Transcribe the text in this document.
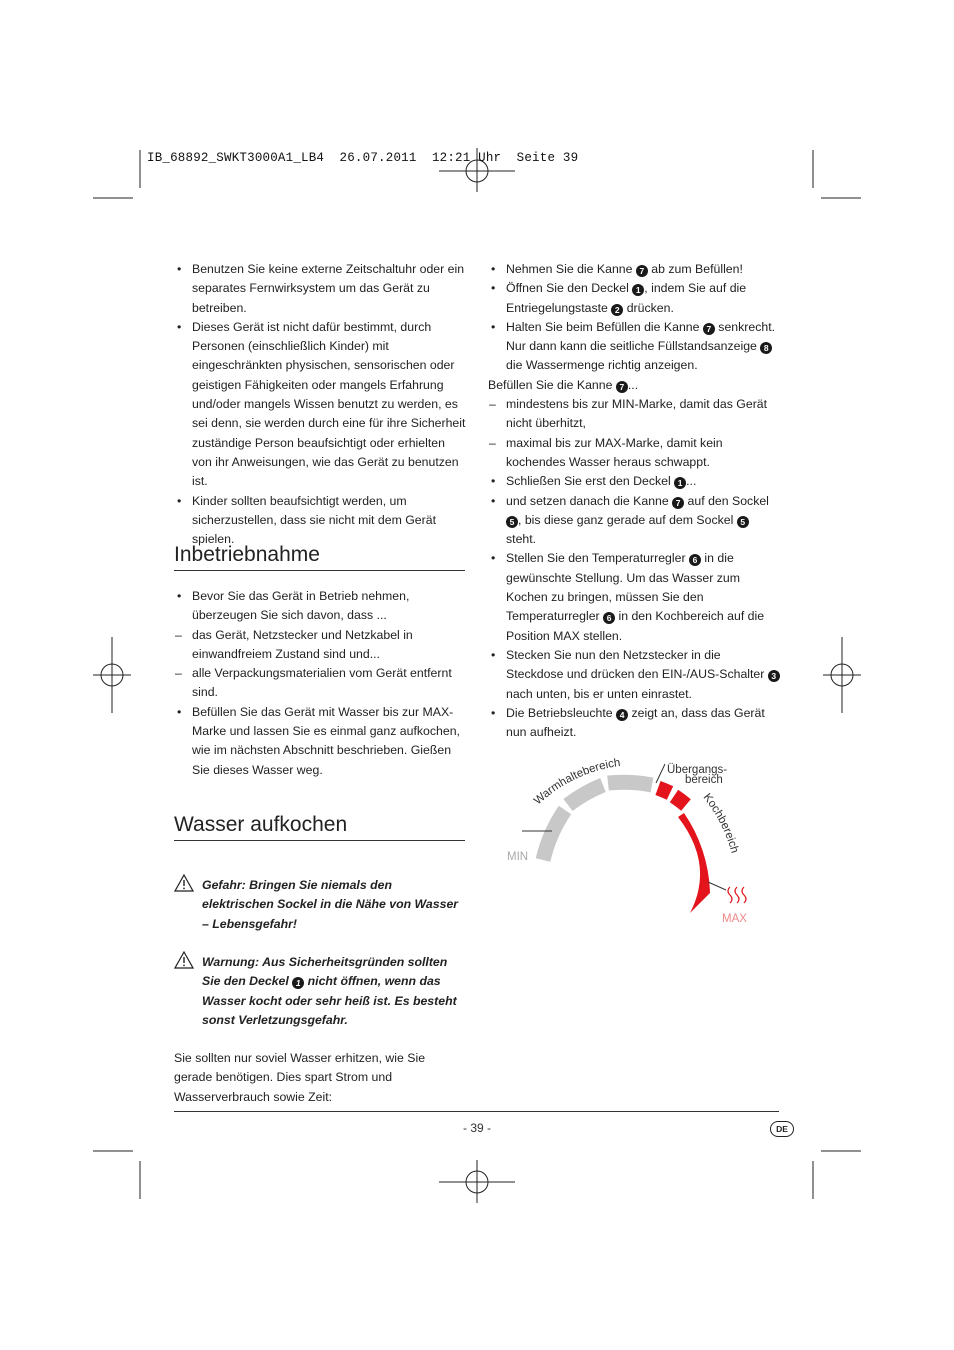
IB_68892_SWKT3000A1_LB4  26.07.2011  12:21 Uhr  Seite 39
• Benutzen Sie keine externe Zeitschaltuhr oder ein separates Fernwirksystem um das Gerät zu betreiben.
• Dieses Gerät ist nicht dafür bestimmt, durch Personen (einschließlich Kinder) mit eingeschränkten physischen, sensorischen oder geistigen Fähigkeiten oder mangels Erfahrung und/oder mangels Wissen benutzt zu werden, es sei denn, sie werden durch eine für ihre Sicherheit zuständige Person beaufsichtigt oder erhielten von ihr Anweisungen, wie das Gerät zu benutzen ist.
• Kinder sollten beaufsichtigt werden, um sicherzustellen, dass sie nicht mit dem Gerät spielen.
Inbetriebnahme
• Bevor Sie das Gerät in Betrieb nehmen, überzeugen Sie sich davon, dass ...
– das Gerät, Netzstecker und Netzkabel in einwandfreiem Zustand sind und...
– alle Verpackungsmaterialien vom Gerät entfernt sind.
• Befüllen Sie das Gerät mit Wasser bis zur MAX-Marke und lassen Sie es einmal ganz aufkochen, wie im nächsten Abschnitt beschrieben. Gießen Sie dieses Wasser weg.
Wasser aufkochen
Gefahr: Bringen Sie niemals den elektrischen Sockel in die Nähe von Wasser – Lebensgefahr!
Warnung: Aus Sicherheitsgründen sollten Sie den Deckel 1 nicht öffnen, wenn das Wasser kocht oder sehr heiß ist. Es besteht sonst Verletzungsgefahr.
Sie sollten nur soviel Wasser erhitzen, wie Sie gerade benötigen. Dies spart Strom und Wasserverbrauch sowie Zeit:
• Nehmen Sie die Kanne 7 ab zum Befüllen!
• Öffnen Sie den Deckel 1 , indem Sie auf die Entriegelungstaste 2 drücken.
• Halten Sie beim Befüllen die Kanne 7 senkrecht. Nur dann kann die seitliche Füllstandsanzeige 8 die Wassermenge richtig anzeigen.
Befüllen Sie die Kanne 7 ...
– mindestens bis zur MIN-Marke, damit das Gerät nicht überhitzt,
– maximal bis zur MAX-Marke, damit kein kochendes Wasser heraus schwappt.
• Schließen Sie erst den Deckel 1 ...
• und setzen danach die Kanne 7 auf den Sockel 5 , bis diese ganz gerade auf dem Sockel 5 steht.
• Stellen Sie den Temperaturregler 6 in die gewünschte Stellung. Um das Wasser zum Kochen zu bringen, müssen Sie den Temperaturregler 6 in den Kochbereich auf die Position MAX stellen.
• Stecken Sie nun den Netzstecker in die Steckdose und drücken den EIN-/AUS-Schalter 3 nach unten, bis er unten einrastet.
• Die Betriebsleuchte 4 zeigt an, dass das Gerät nun aufheizt.
Warmhaltebereich
Kochbereich
Übergangs-
bereich
MIN
MAX
- 39 -	DE
